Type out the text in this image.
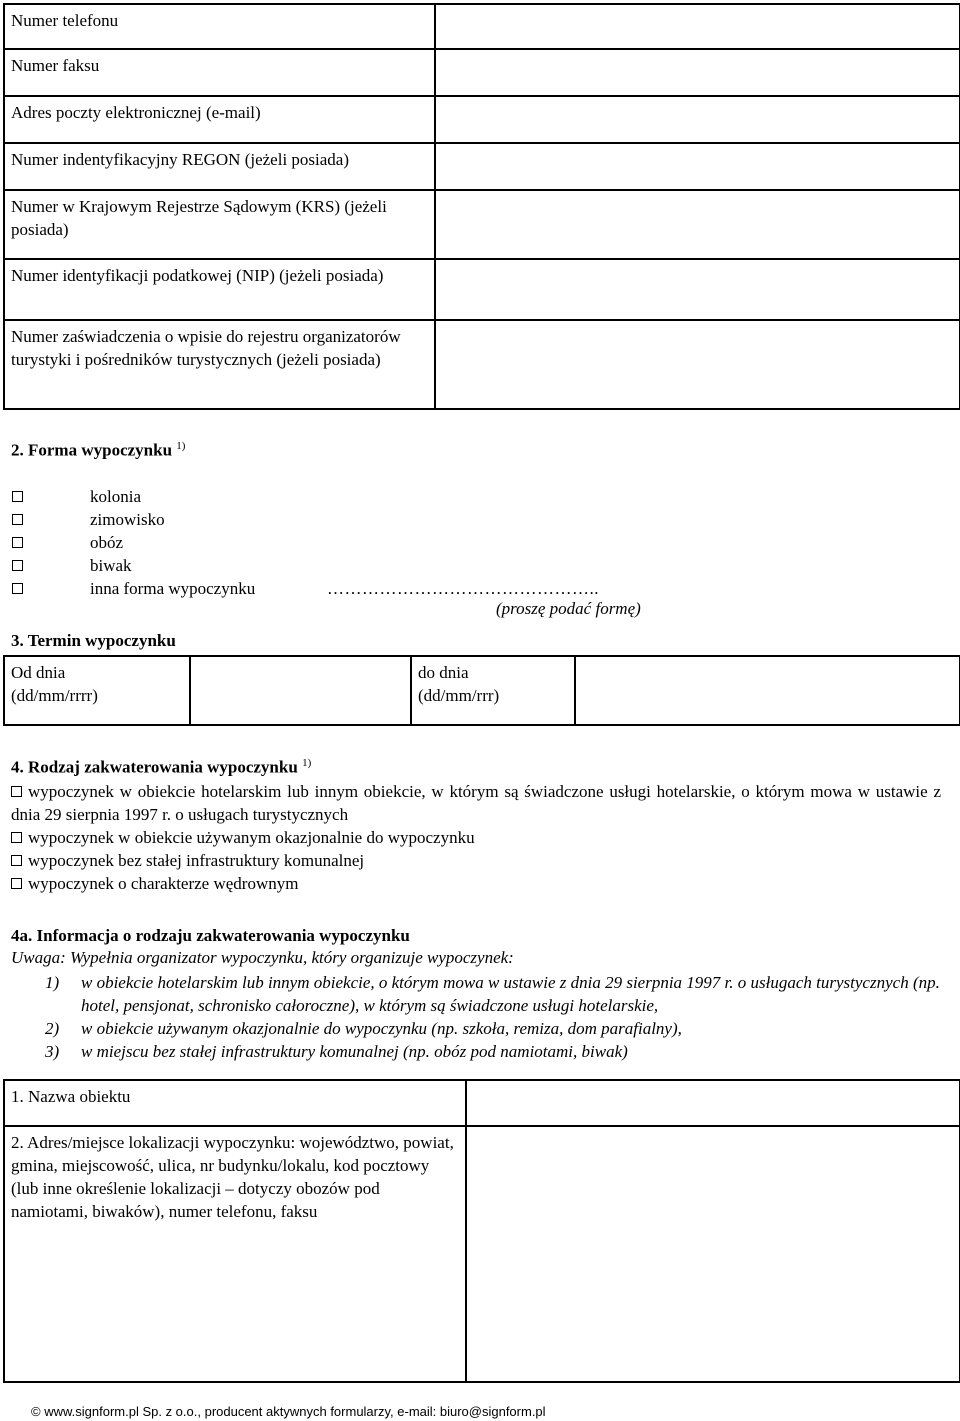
Numer telefonu	
Numer faksu	
Adres poczty elektronicznej (e-mail)	
Numer indentyfikacyjny REGON (jeżeli posiada)	
Numer w Krajowym Rejestrze Sądowym (KRS) (jeżeli posiada)	
Numer identyfikacji podatkowej (NIP) (jeżeli posiada)	
Numer zaświadczenia o wpisie do rejestru organizatorów turystyki i pośredników turystycznych (jeżeli posiada)	
2. Forma wypoczynku $^{1)}$
kolonia
zimowisko
obóz
biwak
inna forma wypoczynku	………………………………………..
(proszę podać formę)
3. Termin wypoczynku
Od dnia
(dd/mm/rrrr)

do dnia
(dd/mm/rrr)

4. Rodzaj zakwaterowania wypoczynku $^{1)}$
wypoczynek w obiekcie hotelarskim lub innym obiekcie, w którym są świadczone usługi hotelarskie, o którym mowa w ustawie z dnia 29 sierpnia 1997 r. o usługach turystycznych
wypoczynek w obiekcie używanym okazjonalnie do wypoczynku
wypoczynek bez stałej infrastruktury komunalnej
wypoczynek o charakterze wędrownym
4a. Informacja o rodzaju zakwaterowania wypoczynku
Uwaga: Wypełnia organizator wypoczynku, który organizuje wypoczynek:
1)	w obiekcie hotelarskim lub innym obiekcie, o którym mowa w ustawie z dnia 29 sierpnia 1997 r. o usługach turystycznych (np. hotel, pensjonat, schronisko całoroczne), w którym są świadczone usługi hotelarskie,
2)	w obiekcie używanym okazjonalnie do wypoczynku (np. szkoła, remiza, dom parafialny),
3)	w miejscu bez stałej infrastruktury komunalnej (np. obóz pod namiotami, biwak)
1. Nazwa obiektu	
2. Adres/miejsce lokalizacji wypoczynku: województwo, powiat, gmina, miejscowość, ulica, nr budynku/lokalu, kod pocztowy (lub inne określenie lokalizacji – dotyczy obozów pod namiotami, biwaków), numer telefonu, faksu	
© www.signform.pl Sp. z o.o., producent aktywnych formularzy, e-mail: biuro@signform.pl
